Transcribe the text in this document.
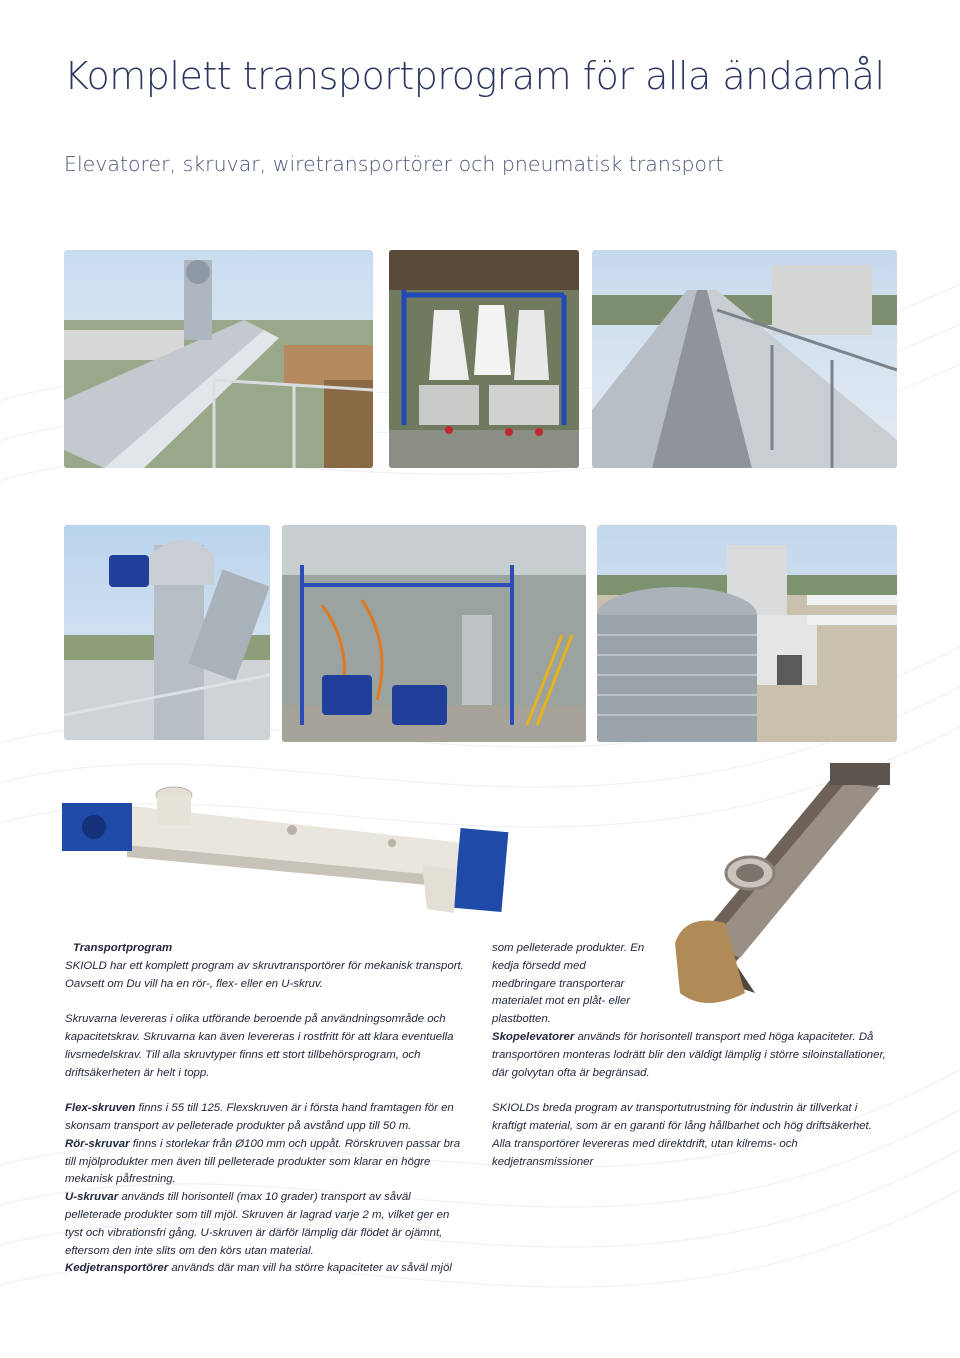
Komplett transportprogram för alla ändamål
Elevatorer, skruvar, wiretransportörer och pneumatisk transport

Transportprogram

SKIOLD har ett komplett program av skruvtransportörer för mekanisk transport. Oavsett om Du vill ha en rör-, flex- eller en U-skruv.

Skruvarna levereras i olika utförande beroende på användningsområde och kapacitetskrav. Skruvarna kan även levereras i rostfritt för att klara eventuella livsmedelskrav. Till alla skruvtyper finns ett stort tillbehörsprogram, och driftsäkerheten är helt i topp.

Flex-skruven finns i 55 till 125. Flexskruven är i första hand framtagen för en skonsam transport av pelleterade produkter på avstånd upp till 50 m.

Rör-skruvar finns i storlekar från Ø100 mm och uppåt. Rörskruven passar bra till mjölprodukter men även till pelleterade produkter som klarar en högre mekanisk påfrestning.

U-skruvar används till horisontell (max 10 grader) transport av såväl pelleterade produkter som till mjöl. Skruven är lagrad varje 2 m, vilket ger en tyst och vibrationsfri gång. U-skruven är därför lämplig där flödet är ojämnt, eftersom den inte slits om den körs utan material.

Kedjetransportörer används där man vill ha större kapaciteter av såväl mjöl

som pelleterade produkter. En kedja försedd med medbringare transporterar materialet mot en plåt- eller plastbotten.

Skopelevatorer används för horisontell transport med höga kapaciteter. Då transportören monteras lodrätt blir den väldigt lämplig i större siloinstallationer, där golvytan ofta är begränsad.

SKIOLDs breda program av transportutrustning för industrin är tillverkat i kraftigt material, som är en garanti för lång hållbarhet och hög driftsäkerhet. Alla transportörer levereras med direktdrift, utan kilrems- och kedjetransmissioner
